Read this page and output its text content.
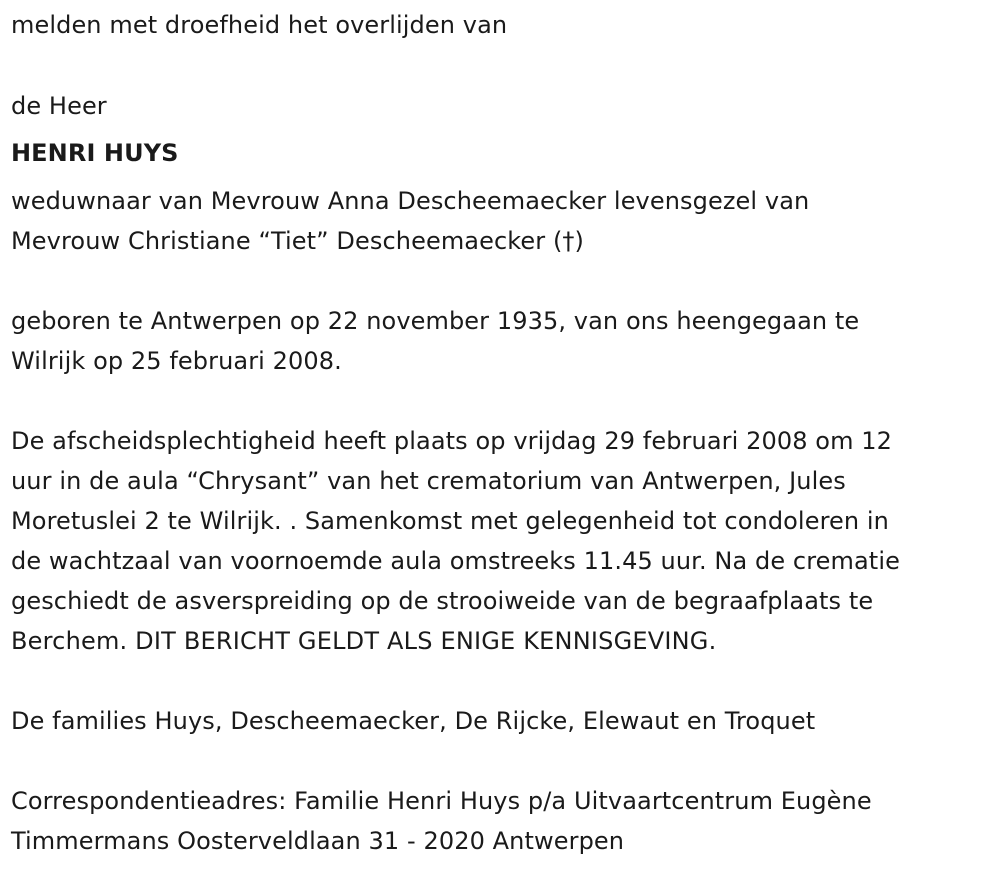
melden met droefheid het overlijden van
de Heer
HENRI HUYS
weduwnaar van Mevrouw Anna Descheemaecker levensgezel van
Mevrouw Christiane “Tiet” Descheemaecker (†)
geboren te Antwerpen op 22 november 1935, van ons heengegaan te
Wilrijk op 25 februari 2008.
De afscheidsplechtigheid heeft plaats op vrijdag 29 februari 2008 om 12
uur in de aula “Chrysant” van het crematorium van Antwerpen, Jules
Moretuslei 2 te Wilrijk. . Samenkomst met gelegenheid tot condoleren in
de wachtzaal van voornoemde aula omstreeks 11.45 uur. Na de crematie
geschiedt de asverspreiding op de strooiweide van de begraafplaats te
Berchem. DIT BERICHT GELDT ALS ENIGE KENNISGEVING.
De families Huys, Descheemaecker, De Rijcke, Elewaut en Troquet
Correspondentieadres: Familie Henri Huys p/a Uitvaartcentrum Eugène
Timmermans Oosterveldlaan 31 - 2020 Antwerpen
